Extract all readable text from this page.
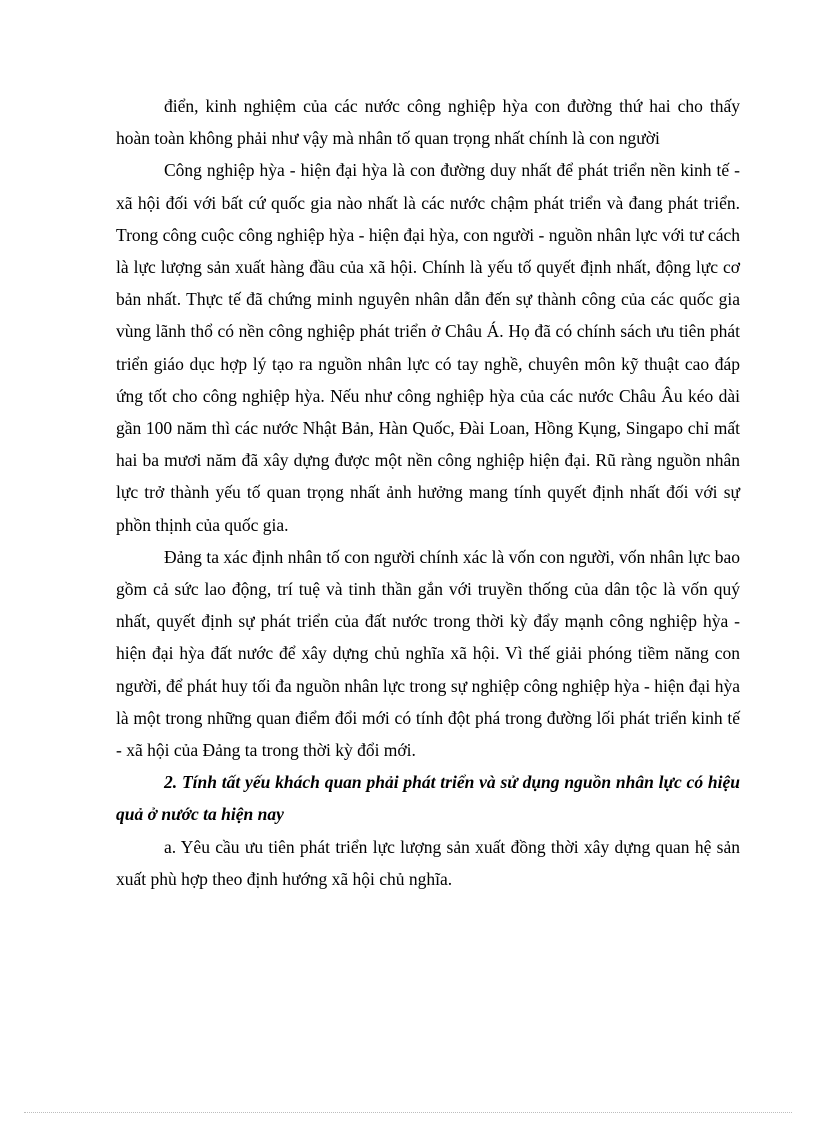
điển, kinh nghiệm của các nước công nghiệp hỳa con đường thứ hai cho thấy hoàn toàn không phải như vậy mà nhân tố quan trọng nhất chính là con người

Công nghiệp hỳa - hiện đại hỳa là con đường duy nhất để phát triển nền kinh tế - xã hội đối với bất cứ quốc gia nào nhất là các nước chậm phát triển và đang phát triển. Trong công cuộc công nghiệp hỳa - hiện đại hỳa, con người - nguồn nhân lực với tư cách là lực lượng sản xuất hàng đầu của xã hội. Chính là yếu tố quyết định nhất, động lực cơ bản nhất. Thực tế đã chứng minh nguyên nhân dẫn đến sự thành công của các quốc gia vùng lãnh thổ có nền công nghiệp phát triển ở Châu Á. Họ đã có chính sách ưu tiên phát triển giáo dục hợp lý tạo ra nguồn nhân lực có tay nghề, chuyên môn kỹ thuật cao đáp ứng tốt cho công nghiệp hỳa. Nếu như công nghiệp hỳa của các nước Châu Âu kéo dài gần 100 năm thì các nước Nhật Bản, Hàn Quốc, Đài Loan, Hồng Kụng, Singapo chỉ mất hai ba mươi năm đã xây dựng được một nền công nghiệp hiện đại. Rũ ràng nguồn nhân lực trở thành yếu tố quan trọng nhất ảnh hưởng mang tính quyết định nhất đối với sự phồn thịnh của quốc gia.

Đảng ta xác định nhân tố con người chính xác là vốn con người, vốn nhân lực bao gồm cả sức lao động, trí tuệ và tinh thần gắn với truyền thống của dân tộc là vốn quý nhất, quyết định sự phát triển của đất nước trong thời kỳ đẩy mạnh công nghiệp hỳa - hiện đại hỳa đất nước để xây dựng chủ nghĩa xã hội. Vì thế giải phóng tiềm năng con người, để phát huy tối đa nguồn nhân lực trong sự nghiệp công nghiệp hỳa - hiện đại hỳa là một trong những quan điểm đổi mới có tính đột phá trong đường lối phát triển kinh tế - xã hội của Đảng ta trong thời kỳ đổi mới.

2. Tính tất yếu khách quan phải phát triển và sử dụng nguồn nhân lực có hiệu quả ở nước ta hiện nay

a. Yêu cầu ưu tiên phát triển lực lượng sản xuất đồng thời xây dựng quan hệ sản xuất phù hợp theo định hướng xã hội chủ nghĩa.
